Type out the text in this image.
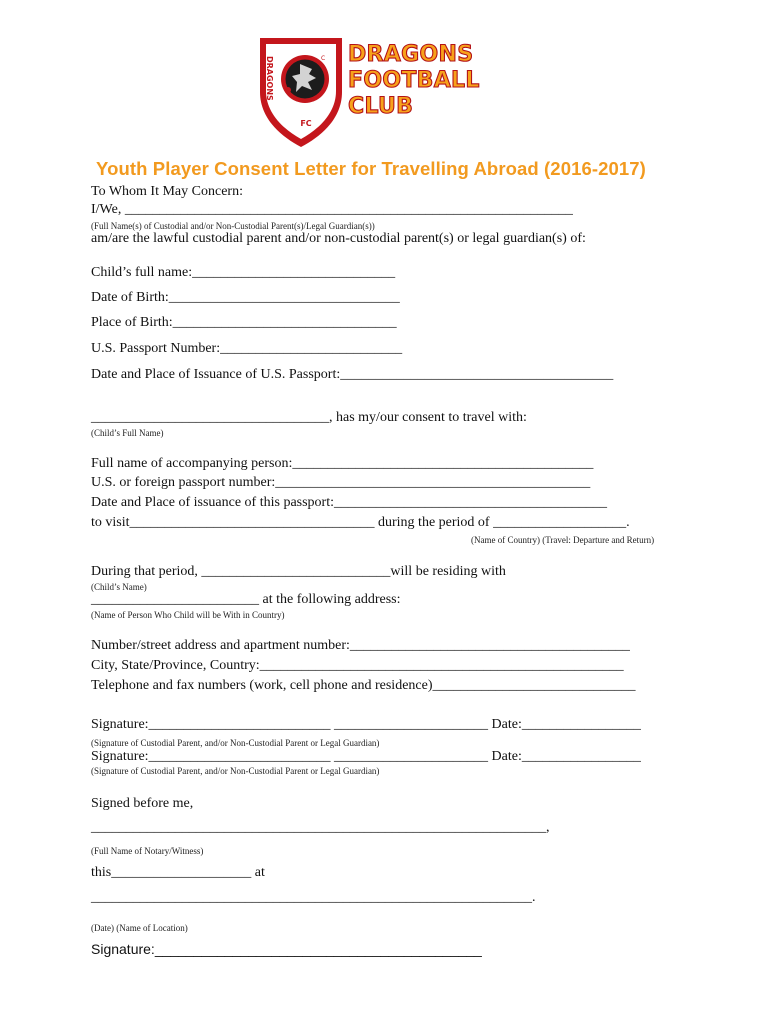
DRAGONS
FC
C DRAGONS
FOOTBALL
CLUB
Youth Player Consent Letter for Travelling Abroad (2016-2017)
To Whom It May Concern:
I/We, ________________________________________________________________
(Full Name(s) of Custodial and/or Non-Custodial Parent(s)/Legal Guardian(s))
am/are the lawful custodial parent and/or non-custodial parent(s) or legal guardian(s) of:
Child’s full name:_____________________________
Date of Birth:_________________________________
Place of Birth:________________________________
U.S. Passport Number:__________________________
Date and Place of Issuance of U.S. Passport:_______________________________________
__________________________________, has my/our consent to travel with:
(Child’s Full Name)
Full name of accompanying person:___________________________________________
U.S. or foreign passport number:_____________________________________________
Date and Place of issuance of this passport:_______________________________________
to visit___________________________________ during the period of ___________________.
(Name of Country) (Travel: Departure and Return)
During that period, ___________________________will be residing with
(Child’s Name)
________________________ at the following address:
(Name of Person Who Child will be With in Country)
Number/street address and apartment number:________________________________________
City, State/Province, Country:____________________________________________________
Telephone and fax numbers (work, cell phone and residence)_____________________________
Signature:__________________________ ______________________ Date:_________________
(Signature of Custodial Parent, and/or Non-Custodial Parent or Legal Guardian)
Signature:__________________________ ______________________ Date:_________________
(Signature of Custodial Parent, and/or Non-Custodial Parent or Legal Guardian)
Signed before me,
_________________________________________________________________,
(Full Name of Notary/Witness)
this____________________ at
_______________________________________________________________.
(Date) (Name of Location)
Signature:__________________________________________
